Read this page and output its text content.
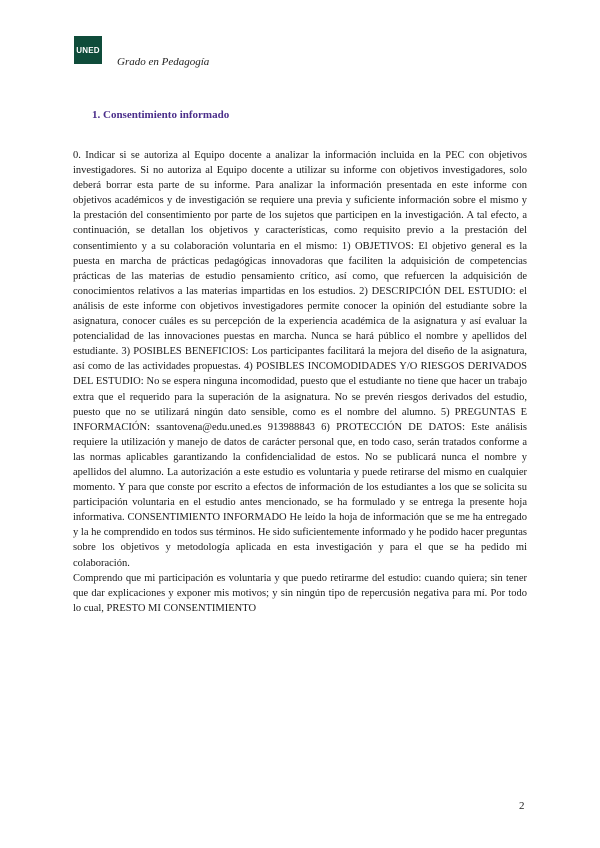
UNED
Grado en Pedagogía
1. Consentimiento informado

0. Indicar si se autoriza al Equipo docente a analizar la información incluida en la PEC con objetivos investigadores. Si no autoriza al Equipo docente a utilizar su informe con objetivos investigadores, solo deberá borrar esta parte de su informe. Para analizar la información presentada en este informe con objetivos académicos y de investigación se requiere una previa y suficiente información sobre el mismo y la prestación del consentimiento por parte de los sujetos que participen en la investigación. A tal efecto, a continuación, se detallan los objetivos y características, como requisito previo a la prestación del consentimiento y a su colaboración voluntaria en el mismo: 1) OBJETIVOS: El objetivo general es la puesta en marcha de prácticas pedagógicas innovadoras que faciliten la adquisición de competencias prácticas de las materias de estudio pensamiento crítico, así como, que refuercen la adquisición de conocimientos relativos a las materias impartidas en los estudios. 2) DESCRIPCIÓN DEL ESTUDIO: el análisis de este informe con objetivos investigadores permite conocer la opinión del estudiante sobre la asignatura, conocer cuáles es su percepción de la experiencia académica de la asignatura y así evaluar la potencialidad de las innovaciones puestas en marcha. Nunca se hará público el nombre y apellidos del estudiante. 3) POSIBLES BENEFICIOS: Los participantes facilitará la mejora del diseño de la asignatura, así como de las actividades propuestas. 4) POSIBLES INCOMODIDADES Y/O RIESGOS DERIVADOS DEL ESTUDIO: No se espera ninguna incomodidad, puesto que el estudiante no tiene que hacer un trabajo extra que el requerido para la superación de la asignatura. No se prevén riesgos derivados del estudio, puesto que no se utilizará ningún dato sensible, como es el nombre del alumno. 5) PREGUNTAS E INFORMACIÓN: ssantovena@edu.uned.es 913988843 6) PROTECCIÓN DE DATOS: Este análisis requiere la utilización y manejo de datos de carácter personal que, en todo caso, serán tratados conforme a las normas aplicables garantizando la confidencialidad de estos. No se publicará nunca el nombre y apellidos del alumno. La autorización a este estudio es voluntaria y puede retirarse del mismo en cualquier momento. Y para que conste por escrito a efectos de información de los estudiantes a los que se solicita su participación voluntaria en el estudio antes mencionado, se ha formulado y se entrega la presente hoja informativa. CONSENTIMIENTO INFORMADO He leído la hoja de información que se me ha entregado y la he comprendido en todos sus términos. He sido suficientemente informado y he podido hacer preguntas sobre los objetivos y metodología aplicada en esta investigación y para el que se ha pedido mi colaboración.

Comprendo que mi participación es voluntaria y que puedo retirarme del estudio: cuando quiera; sin tener que dar explicaciones y exponer mis motivos; y sin ningún tipo de repercusión negativa para mí. Por todo lo cual, PRESTO MI CONSENTIMIENTO

2
